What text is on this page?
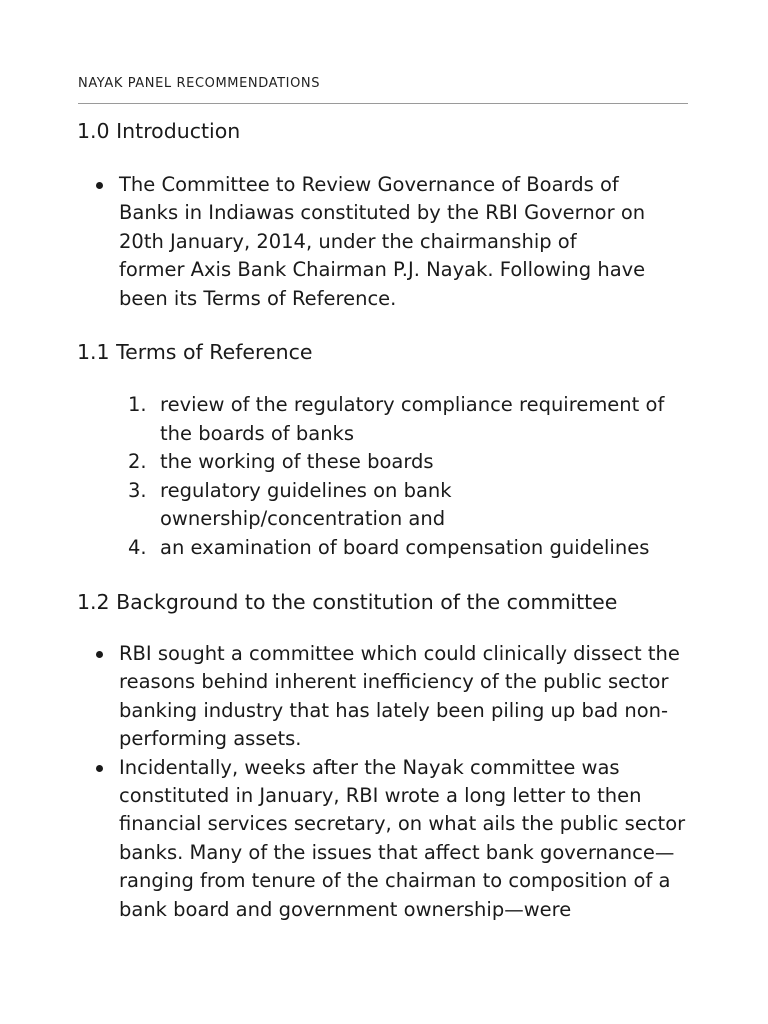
NAYAK PANEL RECOMMENDATIONS
1.0 Introduction
The Committee to Review Governance of Boards of Banks in Indiawas constituted by the RBI Governor on 20th January, 2014, under the chairmanship of former Axis Bank Chairman P.J. Nayak. Following have been its Terms of Reference.
1.1 Terms of Reference
1. review of the regulatory compliance requirement of the boards of banks
2. the working of these boards
3. regulatory guidelines on bank ownership/concentration and
4. an examination of board compensation guidelines
1.2 Background to the constitution of the committee
RBI sought a committee which could clinically dissect the reasons behind inherent inefficiency of the public sector banking industry that has lately been piling up bad non-performing assets.
Incidentally, weeks after the Nayak committee was constituted in January, RBI wrote a long letter to then financial services secretary, on what ails the public sector banks. Many of the issues that affect bank governance—ranging from tenure of the chairman to composition of a bank board and government ownership—were
